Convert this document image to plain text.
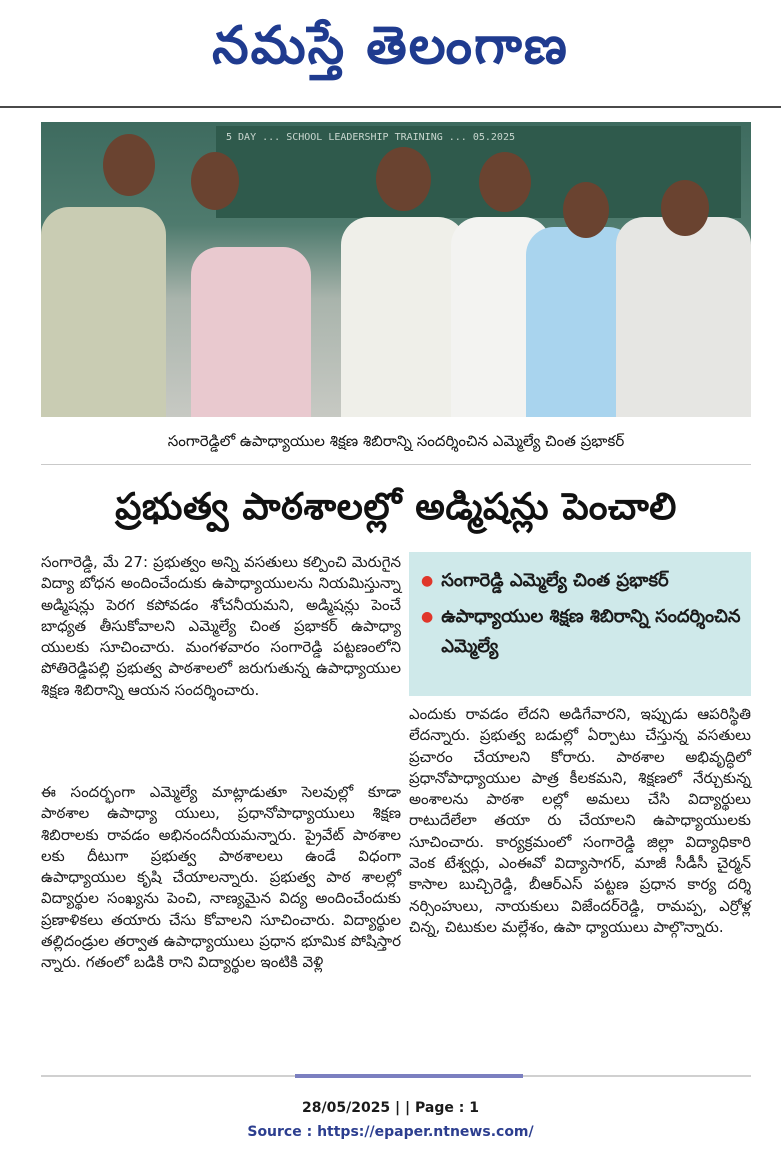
నమస్తే తెలంగాణ
5 DAY ... SCHOOL LEADERSHIP TRAINING ... 05.2025
సంగారెడ్డిలో ఉపాధ్యాయుల శిక్షణ శిబిరాన్ని సందర్శించిన ఎమ్మెల్యే చింత ప్రభాకర్
ప్రభుత్వ పాఠశాలల్లో అడ్మిషన్లు పెంచాలి

సంగారెడ్డి, మే 27: ప్రభుత్వం అన్ని వసతులు కల్పించి మెరుగైన విద్యా బోధన అందించేందుకు ఉపాధ్యాయులను నియమిస్తున్నా అడ్మిషన్లు పెరగ కపోవడం శోచనీయమని, అడ్మిషన్లు పెంచే బాధ్యత తీసుకోవాలని ఎమ్మెల్యే చింత ప్రభాకర్ ఉపాధ్యా యులకు సూచించారు. మంగళవారం సంగారెడ్డి పట్టణంలోని పోతిరెడ్డిపల్లి ప్రభుత్వ పాఠశాలలో జరుగుతున్న ఉపాధ్యాయుల శిక్షణ శిబిరాన్ని ఆయన సందర్శించారు.

ఈ సందర్భంగా ఎమ్మెల్యే మాట్లాడుతూ సెలవుల్లో కూడా పాఠశాల ఉపాధ్యా యులు, ప్రధానోపాధ్యాయులు శిక్షణ శిబిరాలకు రావడం అభినందనీయమన్నారు. ప్రైవేట్ పాఠశాల లకు దీటుగా ప్రభుత్వ పాఠశాలలు ఉండే విధంగా ఉపాధ్యాయుల కృషి చేయాలన్నారు. ప్రభుత్వ పాఠ శాలల్లో విద్యార్థుల సంఖ్యను పెంచి, నాణ్యమైన విద్య అందించేందుకు ప్రణాళికలు తయారు చేసు కోవాలని సూచించారు. విద్యార్థుల తల్లిదండ్రుల తర్వాత ఉపాధ్యాయులు ప్రధాన భూమిక పోషిస్తార న్నారు. గతంలో బడికి రాని విద్యార్థుల ఇంటికి వెళ్లి

● సంగారెడ్డి ఎమ్మెల్యే చింత ప్రభాకర్
● ఉపాధ్యాయుల శిక్షణ శిబిరాన్ని సందర్శించిన ఎమ్మెల్యే

ఎందుకు రావడం లేదని అడిగేవారని, ఇప్పుడు ఆపరిస్థితి లేదన్నారు. ప్రభుత్వ బడుల్లో ఏర్పాటు చేస్తున్న వసతులు ప్రచారం చేయాలని కోరారు. పాఠశాల అభివృద్ధిలో ప్రధానోపాధ్యాయుల పాత్ర కీలకమని, శిక్షణలో నేర్చుకున్న అంశాలను పాఠశా లల్లో అమలు చేసి విద్యార్థులు రాటుదేలేలా తయా రు చేయాలని ఉపాధ్యాయులకు సూచించారు. కార్యక్రమంలో సంగారెడ్డి జిల్లా విద్యాధికారి వెంక టేశ్వర్లు, ఎంఈవో విద్యాసాగర్, మాజీ సీడీసీ చైర్మన్ కాసాల బుచ్చిరెడ్డి, బీఆర్ఎస్ పట్టణ ప్రధాన కార్య దర్శి నర్సింహులు, నాయకులు విజేందర్‌రెడ్డి, రామప్ప, ఎర్రోళ్ల చిన్న, చిటుకుల మల్లేశం, ఉపా ధ్యాయులు పాల్గొన్నారు.

28/05/2025 | | Page : 1
Source : https://epaper.ntnews.com/
